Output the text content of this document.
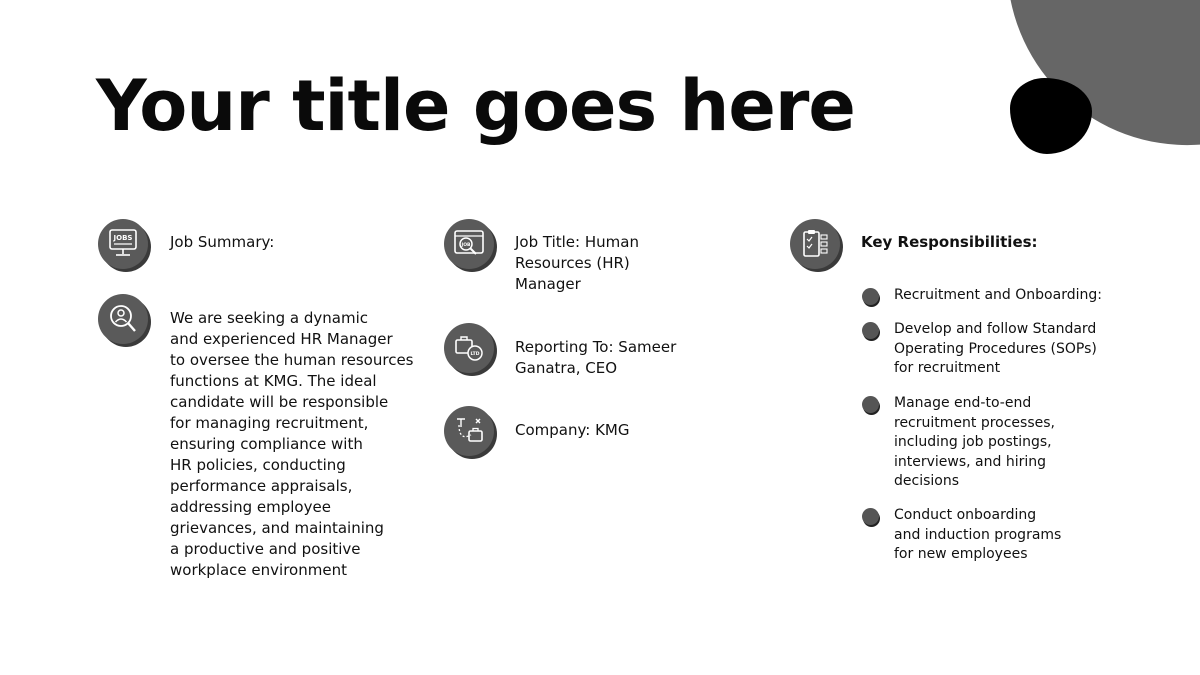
Your title goes here
JOBS	Job Summary:
We are seeking a dynamic
and experienced HR Manager
to oversee the human resources
functions at KMG. The ideal
candidate will be responsible
for managing recruitment,
ensuring compliance with
HR policies, conducting
performance appraisals,
addressing employee
grievances, and maintaining
a productive and positive
workplace environment
JOB	Job Title: Human
Resources (HR)
Manager
LTD Reporting To: Sameer
Ganatra, CEO
Company: KMG
Key Responsibilities:
Recruitment and Onboarding:
Develop and follow Standard
Operating Procedures (SOPs)
for recruitment
Manage end-to-end
recruitment processes,
including job postings,
interviews, and hiring
decisions
Conduct onboarding
and induction programs
for new employees
